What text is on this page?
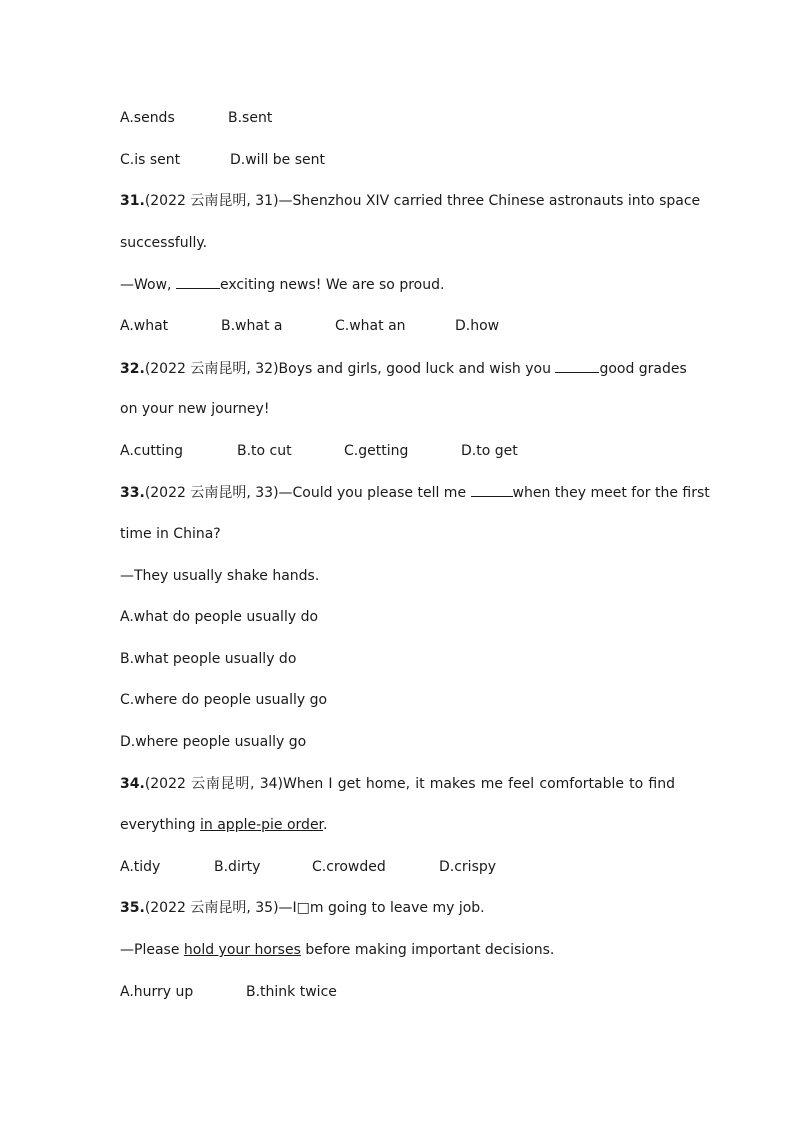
A.sends	B.sent
C.is sent	D.will be sent
31.(2022 云南昆明, 31)—Shenzhou XIV carried three Chinese astronauts into space
successfully.
—Wow,	exciting news! We are so proud.
A.what	B.what a	C.what an	D.how
32.(2022 云南昆明, 32)Boys and girls, good luck and wish you	good grades
on your new journey!
A.cutting	B.to cut	C.getting	D.to get
33.(2022 云南昆明, 33)—Could you please tell me	when they meet for the first
time in China?
—They usually shake hands.
A.what do people usually do
B.what people usually do
C.where do people usually go
D.where people usually go
34.(2022 云南昆明, 34)When I get home, it makes me feel comfortable to find
everything in apple-pie order.
A.tidy	B.dirty	C.crowded	D.crispy
35.(2022 云南昆明, 35)—I□m going to leave my job.
—Please hold your horses before making important decisions.
A.hurry up	B.think twice
